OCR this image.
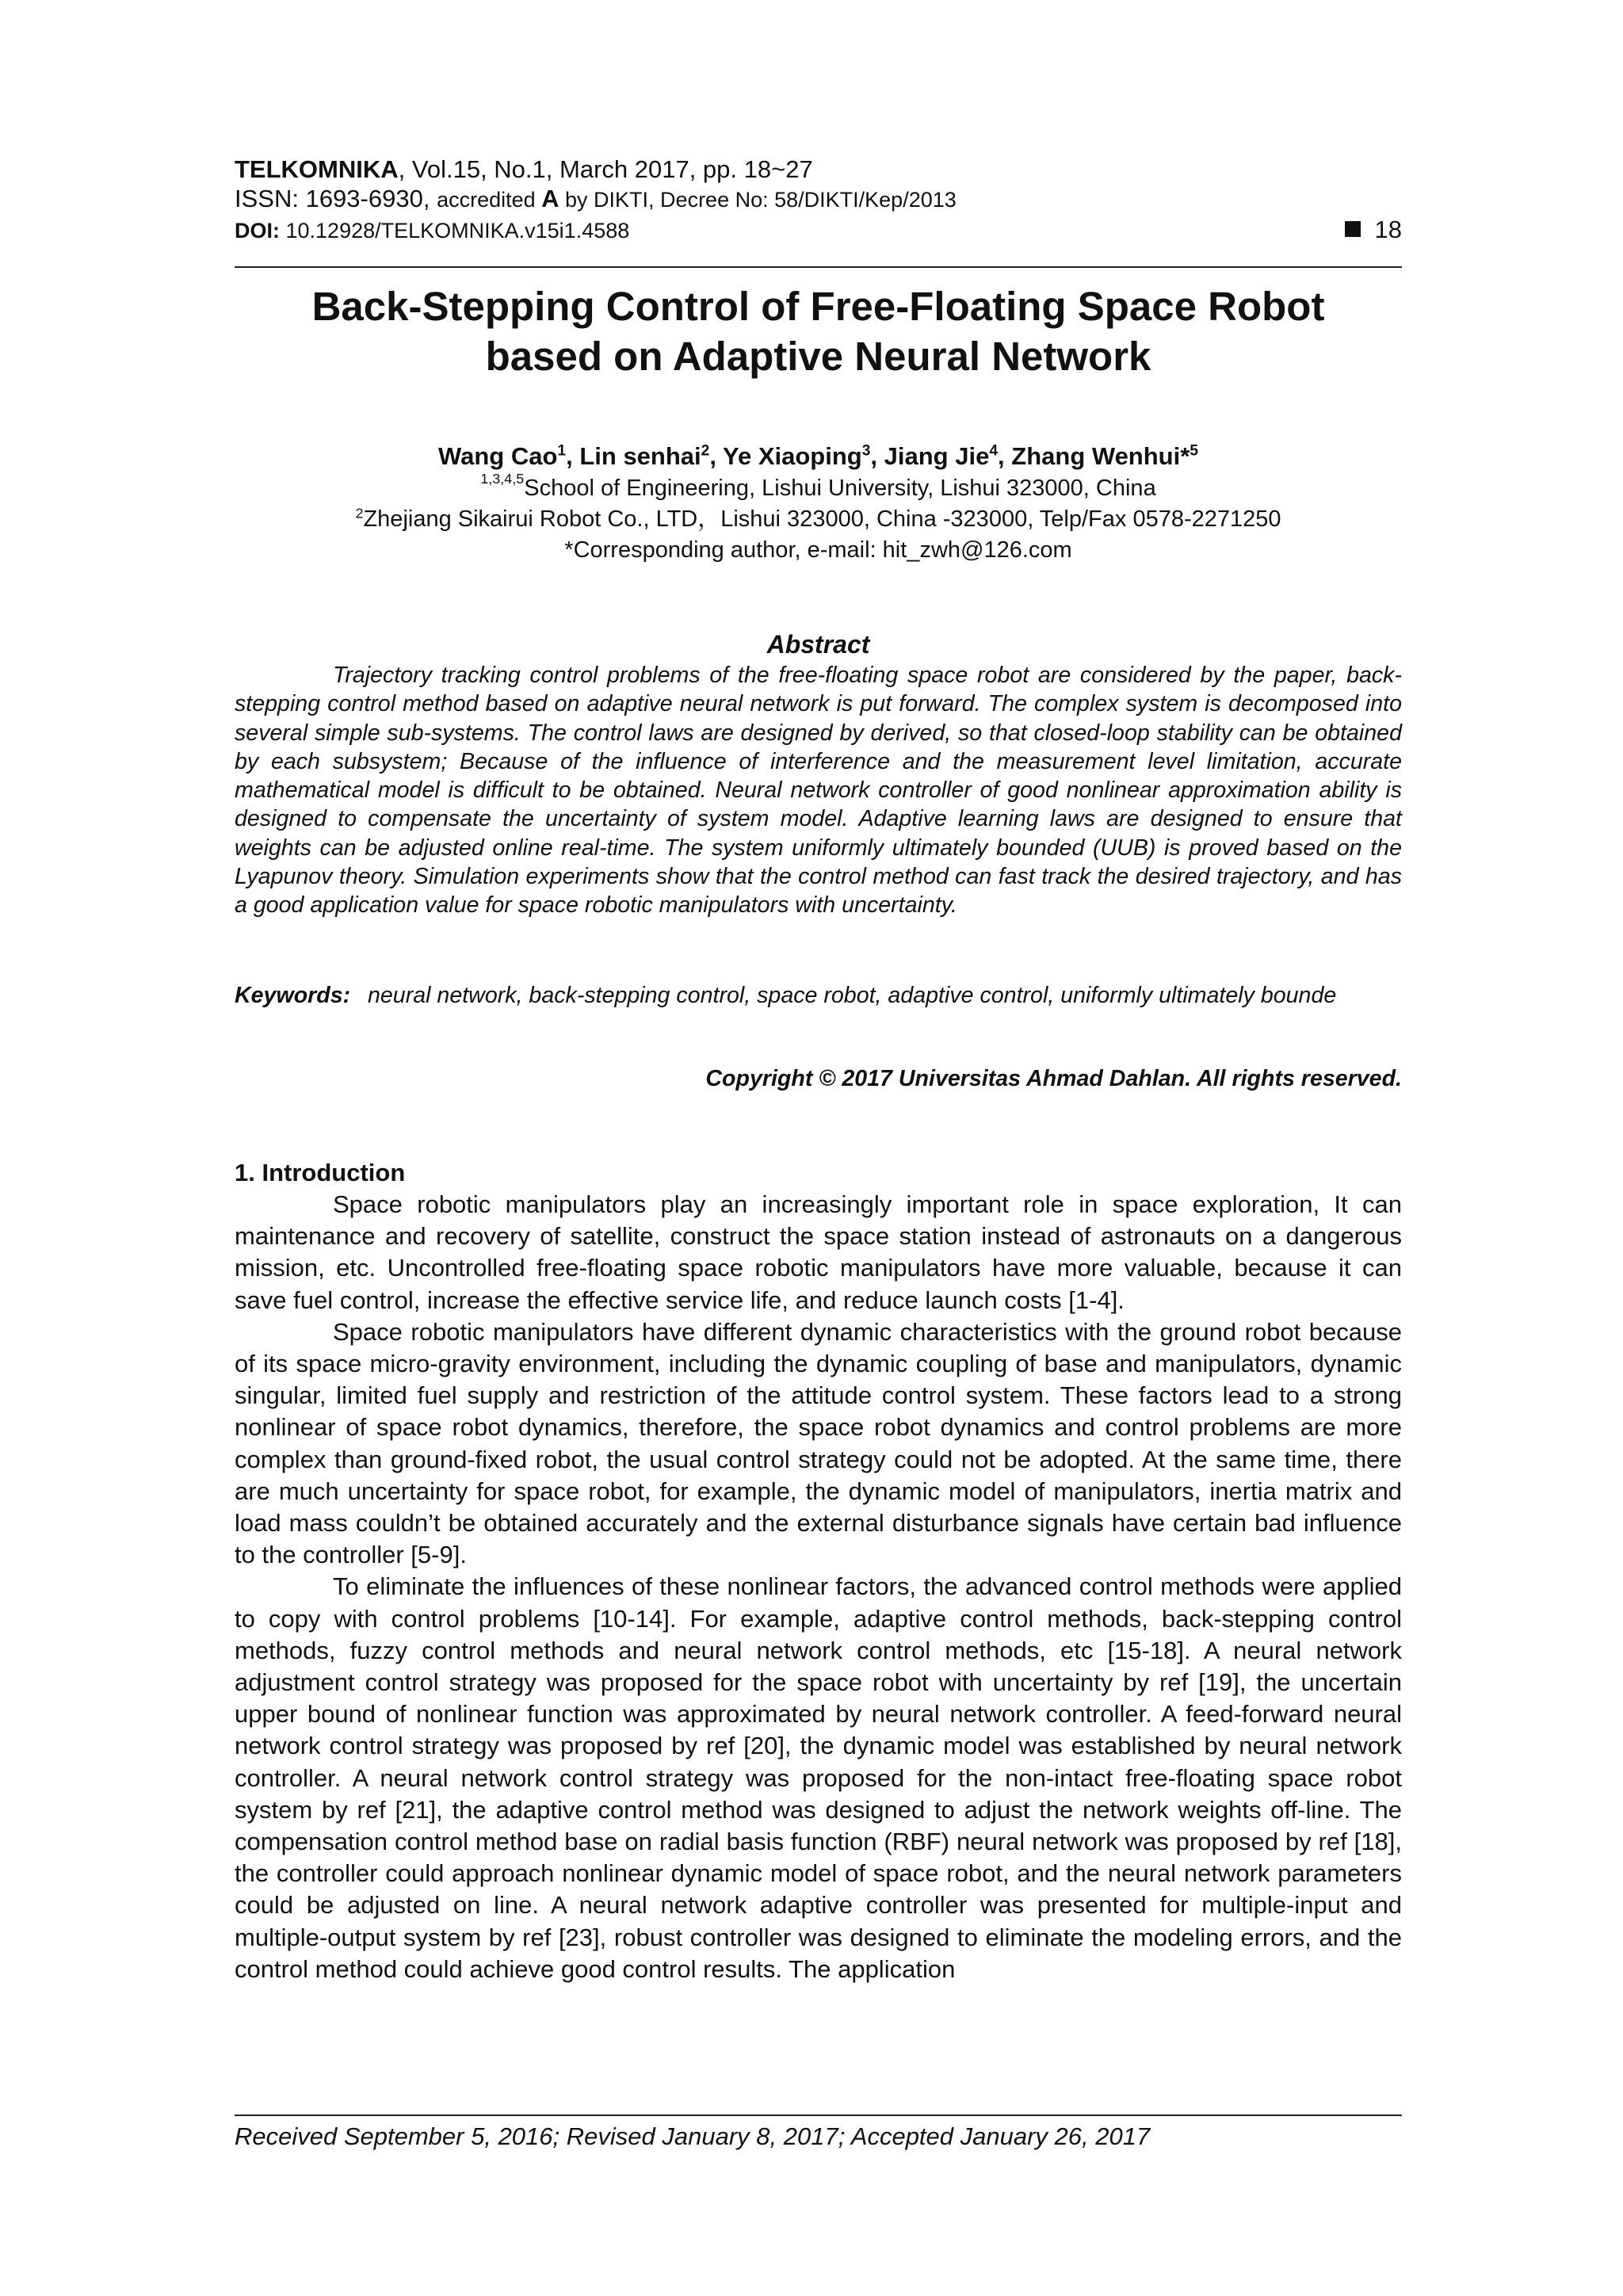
TELKOMNIKA, Vol.15, No.1, March 2017, pp. 18~27
ISSN: 1693-6930, accredited A by DIKTI, Decree No: 58/DIKTI/Kep/2013
DOI: 10.12928/TELKOMNIKA.v15i1.4588	18
Back-Stepping Control of Free-Floating Space Robot
based on Adaptive Neural Network
Wang Cao$^1$, Lin senhai$^2$, Ye Xiaoping$^3$, Jiang Jie$^4$, Zhang Wenhui*$^5$
$^{1,3,4,5}$School of Engineering, Lishui University, Lishui 323000, China
$^2$Zhejiang Sikairui Robot Co., LTD，Lishui 323000, China -323000, Telp/Fax 0578-2271250
*Corresponding author, e-mail: hit_zwh@126.com
Abstract
Trajectory tracking control problems of the free-floating space robot are considered by the paper, back-stepping control method based on adaptive neural network is put forward. The complex system is decomposed into several simple sub-systems. The control laws are designed by derived, so that closed-loop stability can be obtained by each subsystem; Because of the influence of interference and the measurement level limitation, accurate mathematical model is difficult to be obtained. Neural network controller of good nonlinear approximation ability is designed to compensate the uncertainty of system model. Adaptive learning laws are designed to ensure that weights can be adjusted online real-time. The system uniformly ultimately bounded (UUB) is proved based on the Lyapunov theory. Simulation experiments show that the control method can fast track the desired trajectory, and has a good application value for space robotic manipulators with uncertainty.
Keywords: neural network, back-stepping control, space robot, adaptive control, uniformly ultimately bounde
Copyright © 2017 Universitas Ahmad Dahlan. All rights reserved.
1. Introduction

Space robotic manipulators play an increasingly important role in space exploration, It can maintenance and recovery of satellite, construct the space station instead of astronauts on a dangerous mission, etc. Uncontrolled free-floating space robotic manipulators have more valuable, because it can save fuel control, increase the effective service life, and reduce launch costs [1-4].

Space robotic manipulators have different dynamic characteristics with the ground robot because of its space micro-gravity environment, including the dynamic coupling of base and manipulators, dynamic singular, limited fuel supply and restriction of the attitude control system. These factors lead to a strong nonlinear of space robot dynamics, therefore, the space robot dynamics and control problems are more complex than ground-fixed robot, the usual control strategy could not be adopted. At the same time, there are much uncertainty for space robot, for example, the dynamic model of manipulators, inertia matrix and load mass couldn’t be obtained accurately and the external disturbance signals have certain bad influence to the controller [5-9].

To eliminate the influences of these nonlinear factors, the advanced control methods were applied to copy with control problems [10-14]. For example, adaptive control methods, back-stepping control methods, fuzzy control methods and neural network control methods, etc [15-18]. A neural network adjustment control strategy was proposed for the space robot with uncertainty by ref [19], the uncertain upper bound of nonlinear function was approximated by neural network controller. A feed-forward neural network control strategy was proposed by ref [20], the dynamic model was established by neural network controller. A neural network control strategy was proposed for the non-intact free-floating space robot system by ref [21], the adaptive control method was designed to adjust the network weights off-line. The compensation control method base on radial basis function (RBF) neural network was proposed by ref [18], the controller could approach nonlinear dynamic model of space robot, and the neural network parameters could be adjusted on line. A neural network adaptive controller was presented for multiple-input and multiple-output system by ref [23], robust controller was designed to eliminate the modeling errors, and the control method could achieve good control results. The application

Received September 5, 2016; Revised January 8, 2017; Accepted January 26, 2017
